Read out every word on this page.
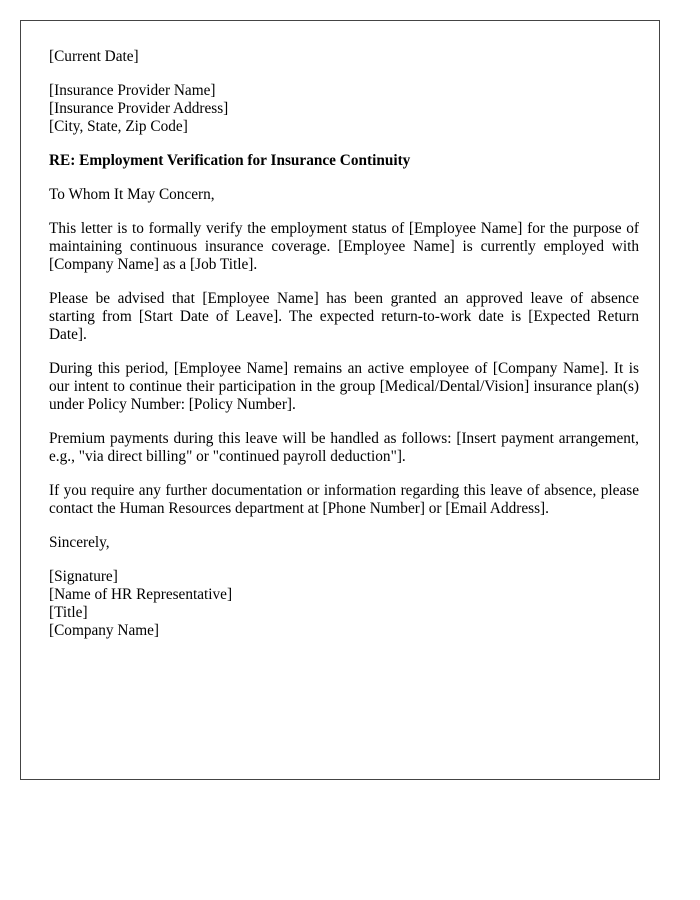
[Current Date]
[Insurance Provider Name]
[Insurance Provider Address]
[City, State, Zip Code]
RE: Employment Verification for Insurance Continuity
To Whom It May Concern,

This letter is to formally verify the employment status of [Employee Name] for the purpose of maintaining continuous insurance coverage. [Employee Name] is currently employed with [Company Name] as a [Job Title].

Please be advised that [Employee Name] has been granted an approved leave of absence starting from [Start Date of Leave]. The expected return-to-work date is [Expected Return Date].

During this period, [Employee Name] remains an active employee of [Company Name]. It is our intent to continue their participation in the group [Medical/Dental/Vision] insurance plan(s) under Policy Number: [Policy Number].

Premium payments during this leave will be handled as follows: [Insert payment arrangement, e.g., "via direct billing" or "continued payroll deduction"].

If you require any further documentation or information regarding this leave of absence, please contact the Human Resources department at [Phone Number] or [Email Address].

Sincerely,
[Signature]
[Name of HR Representative]
[Title]
[Company Name]
